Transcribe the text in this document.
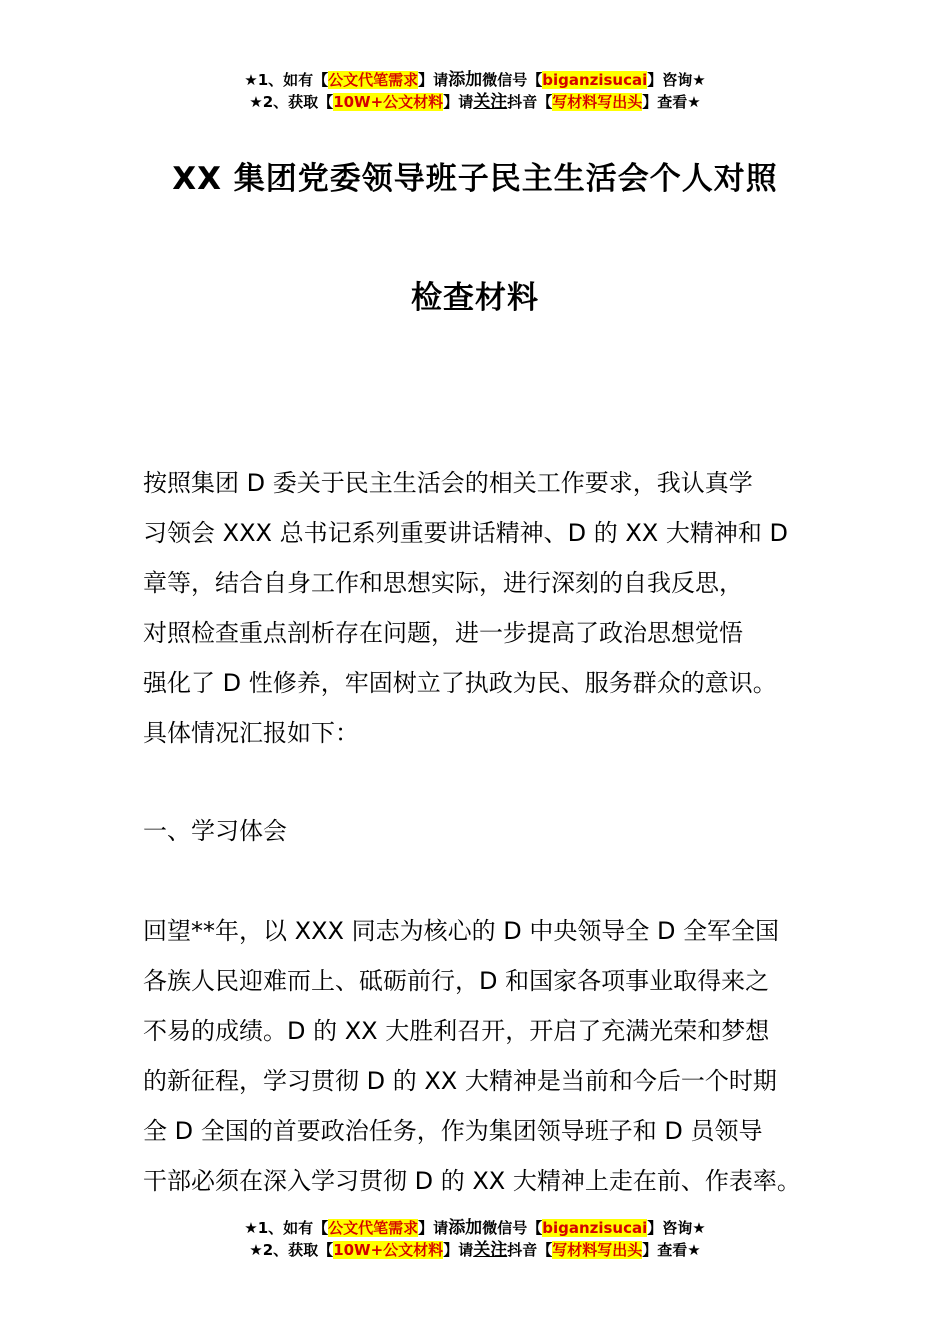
★1、如有【公文代笔需求】请添加微信号【biganzisucai】咨询★
★2、获取【10W+公文材料】请关注抖音【写材料写出头】查看★
XX 集团党委领导班子民主生活会个人对照
检查材料
按照集团 D 委关于民主生活会的相关工作要求，我认真学
习领会 XXX 总书记系列重要讲话精神、D 的 XX 大精神和 D
章等，结合自身工作和思想实际，进行深刻的自我反思，
对照检查重点剖析存在问题，进一步提高了政治思想觉悟
强化了 D 性修养，牢固树立了执政为民、服务群众的意识。
具体情况汇报如下：
一、学习体会
回望**年，以 XXX 同志为核心的 D 中央领导全 D 全军全国
各族人民迎难而上、砥砺前行，D 和国家各项事业取得来之
不易的成绩。D 的 XX 大胜利召开，开启了充满光荣和梦想
的新征程，学习贯彻 D 的 XX 大精神是当前和今后一个时期
全 D 全国的首要政治任务，作为集团领导班子和 D 员领导
干部必须在深入学习贯彻 D 的 XX 大精神上走在前、作表率。
★1、如有【公文代笔需求】请添加微信号【biganzisucai】咨询★
★2、获取【10W+公文材料】请关注抖音【写材料写出头】查看★
